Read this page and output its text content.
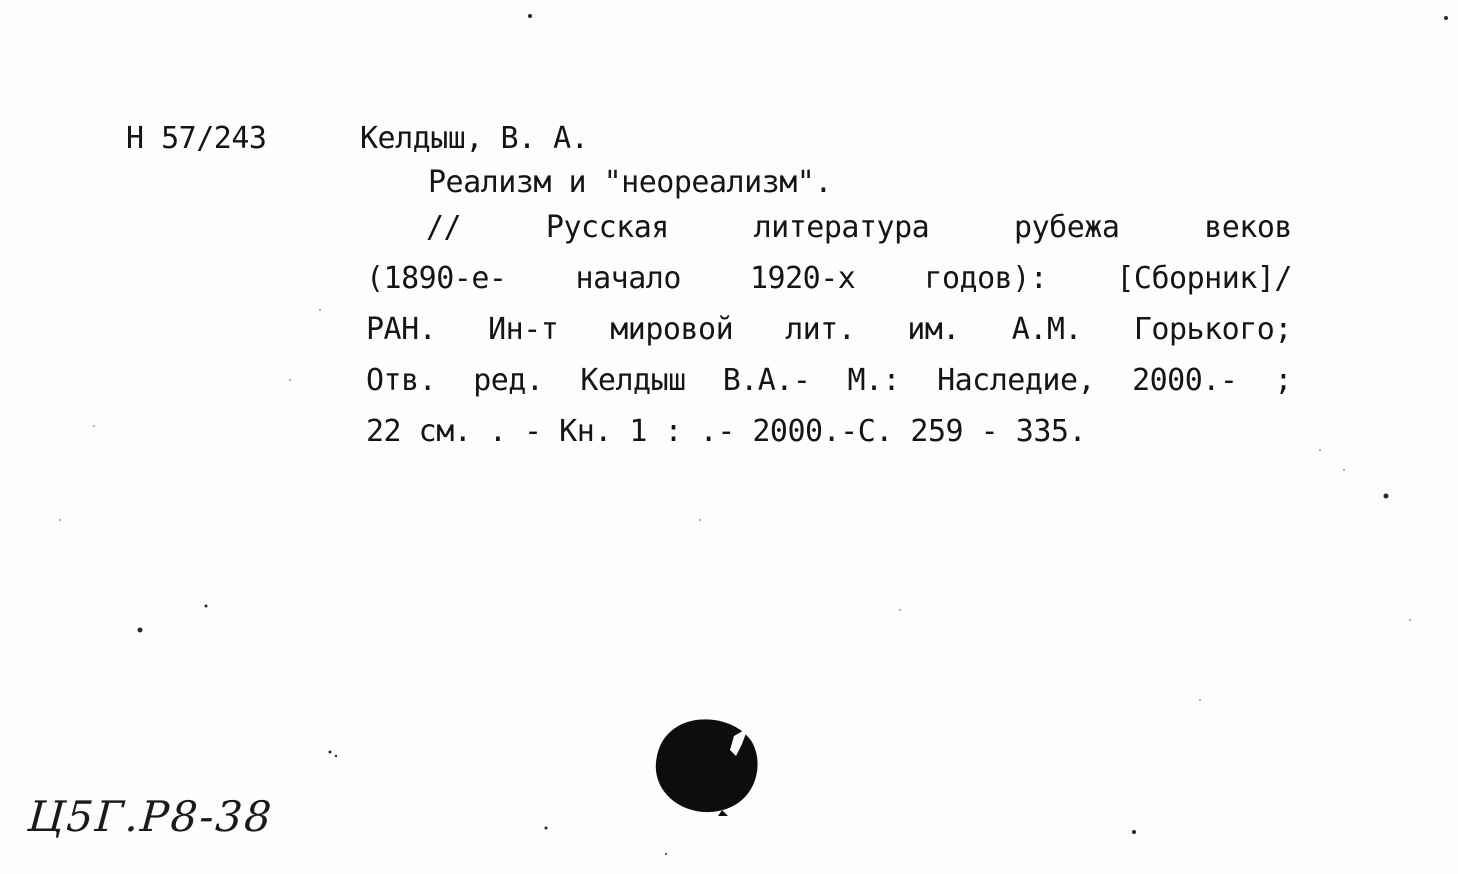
Н 57/243	Келдыш, В. А.
Реализм и "неореализм".
//	Русская	литература	рубежа	веков
(1890-е- начало 1920-х годов): [Сборник]/
РАН. Ин-т мировой лит. им. А.М. Горького;
Отв. ред. Келдыш В.А.- М.: Наследие, 2000.- ;
22 см. . - Кн. 1 : .- 2000.-С. 259 - 335.
Ц5Г.Р8-38
